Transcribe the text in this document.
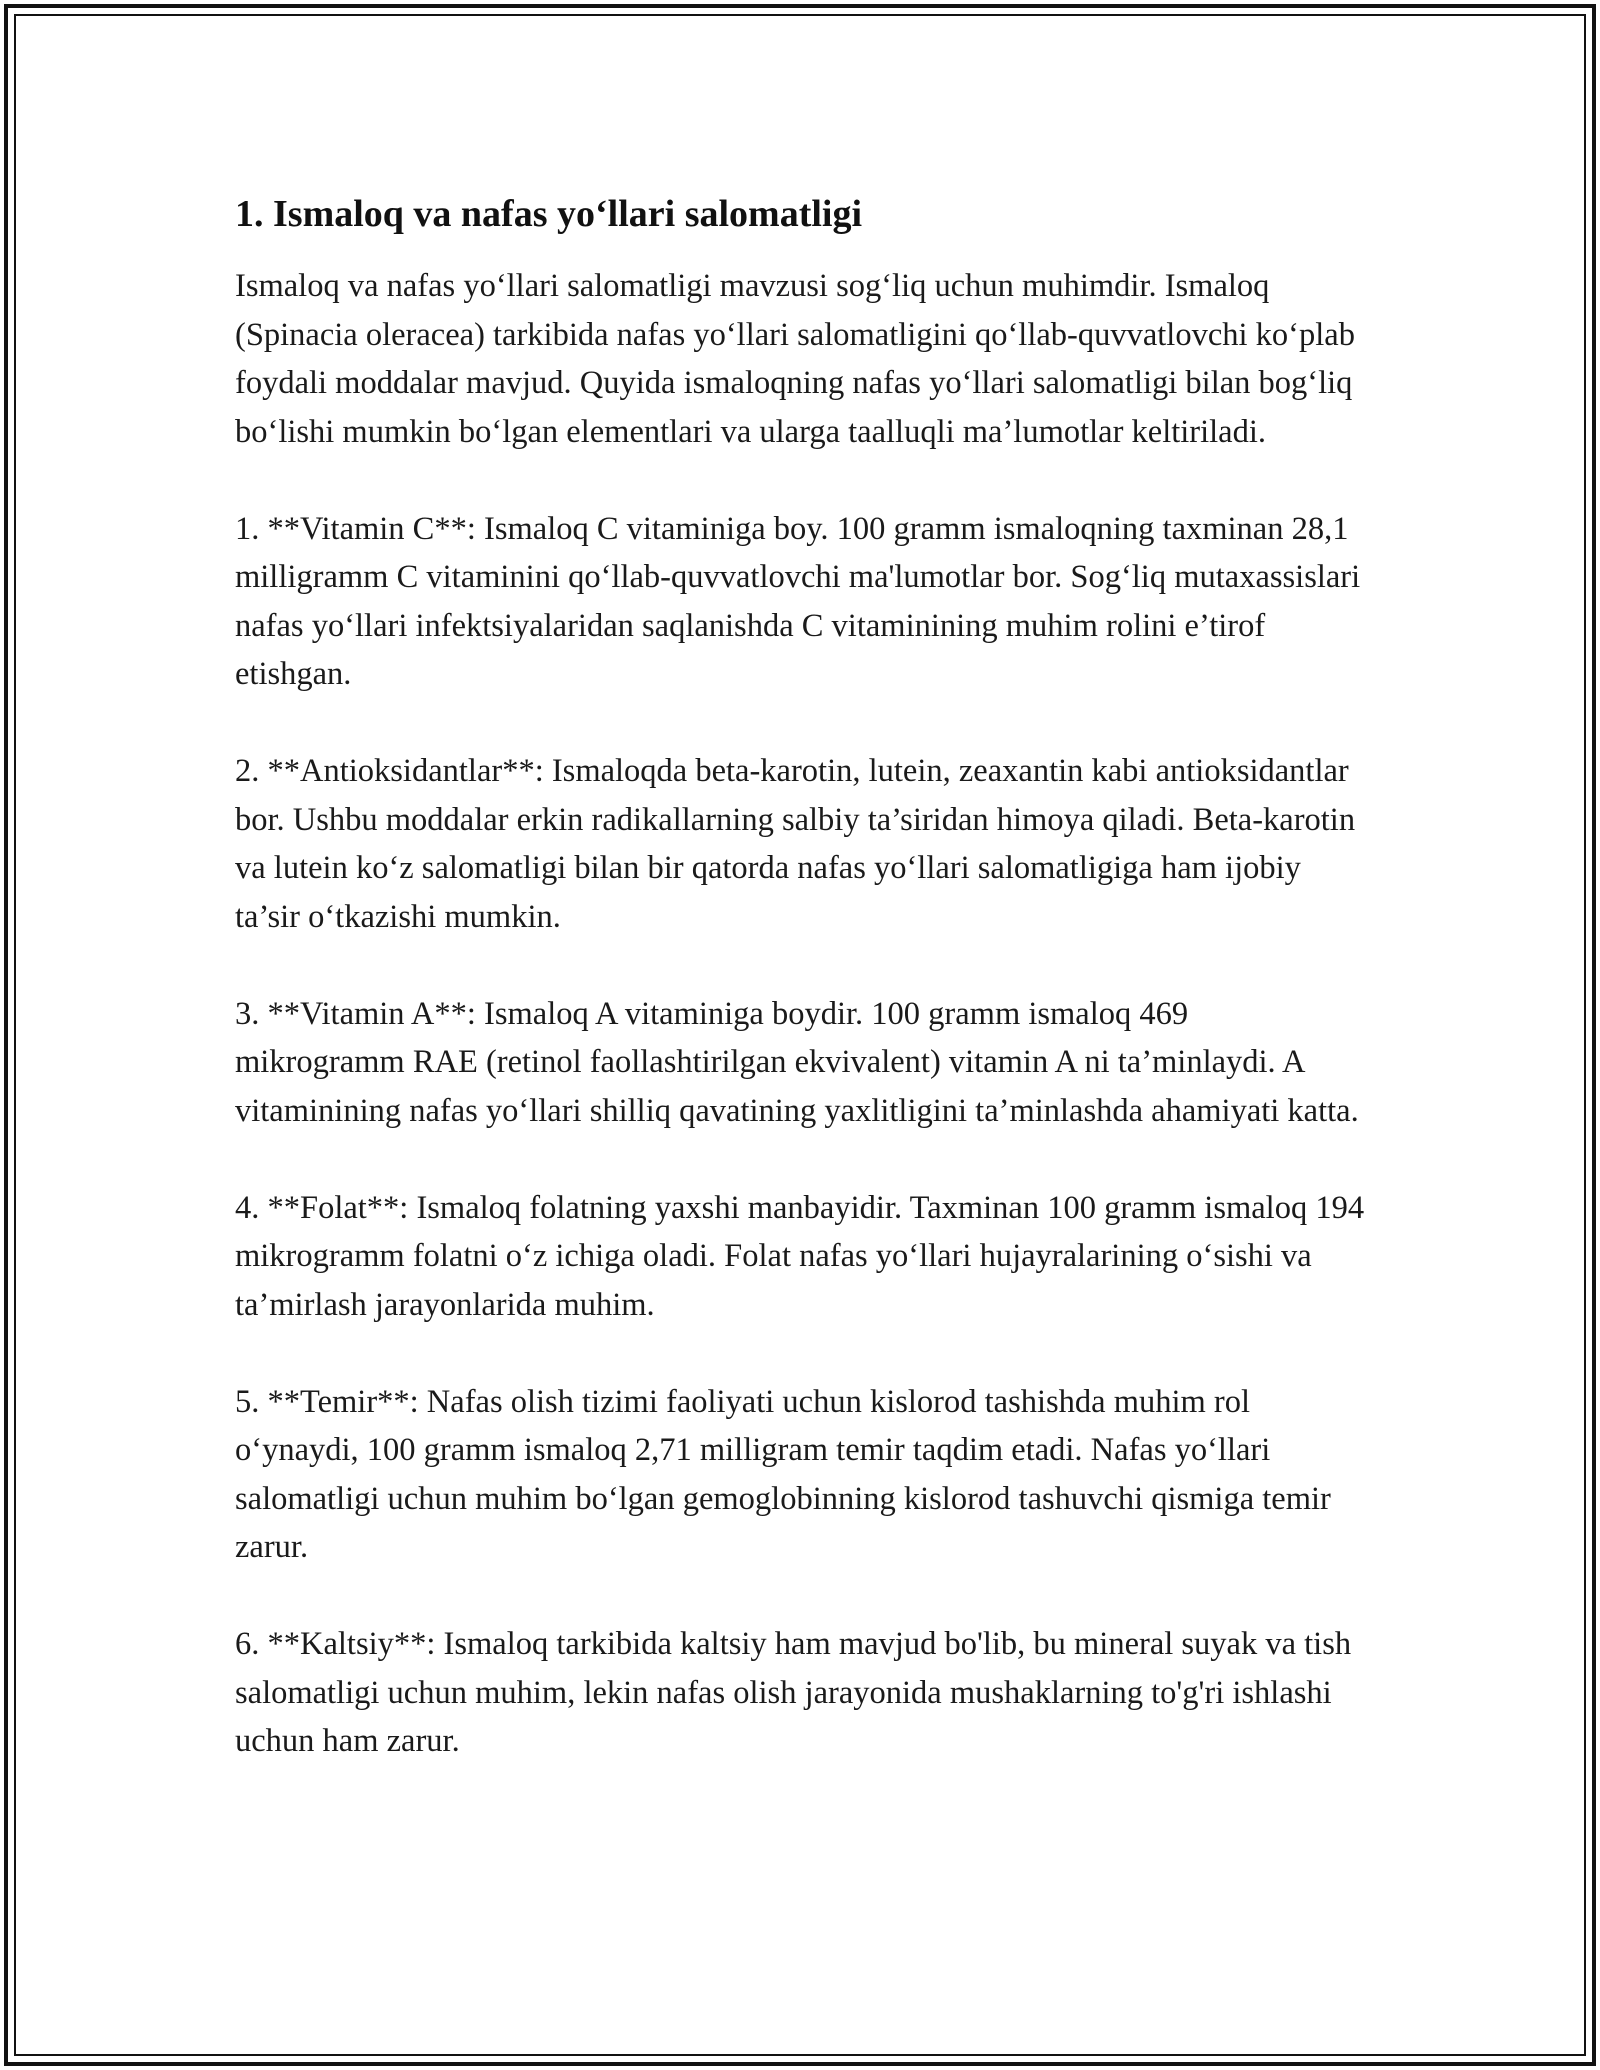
1. Ismaloq va nafas yo‘llari salomatligi

Ismaloq va nafas yo‘llari salomatligi mavzusi sog‘liq uchun muhimdir. Ismaloq (Spinacia oleracea) tarkibida nafas yo‘llari salomatligini qo‘llab-quvvatlovchi ko‘plab foydali moddalar mavjud. Quyida ismaloqning nafas yo‘llari salomatligi bilan bog‘liq bo‘lishi mumkin bo‘lgan elementlari va ularga taalluqli ma’lumotlar keltiriladi.

1. **Vitamin C**: Ismaloq C vitaminiga boy. 100 gramm ismaloqning taxminan 28,1 milligramm C vitaminini qo‘llab-quvvatlovchi ma'lumotlar bor. Sog‘liq mutaxassislari nafas yo‘llari infektsiyalaridan saqlanishda C vitaminining muhim rolini e’tirof etishgan.

2. **Antioksidantlar**: Ismaloqda beta-karotin, lutein, zeaxantin kabi antioksidantlar bor. Ushbu moddalar erkin radikallarning salbiy ta’siridan himoya qiladi. Beta-karotin va lutein ko‘z salomatligi bilan bir qatorda nafas yo‘llari salomatligiga ham ijobiy ta’sir o‘tkazishi mumkin.

3. **Vitamin A**: Ismaloq A vitaminiga boydir. 100 gramm ismaloq 469 mikrogramm RAE (retinol faollashtirilgan ekvivalent) vitamin A ni ta’minlaydi. A vitaminining nafas yo‘llari shilliq qavatining yaxlitligini ta’minlashda ahamiyati katta.

4. **Folat**: Ismaloq folatning yaxshi manbayidir. Taxminan 100 gramm ismaloq 194 mikrogramm folatni o‘z ichiga oladi. Folat nafas yo‘llari hujayralarining o‘sishi va ta’mirlash jarayonlarida muhim.

5. **Temir**: Nafas olish tizimi faoliyati uchun kislorod tashishda muhim rol o‘ynaydi, 100 gramm ismaloq 2,71 milligram temir taqdim etadi. Nafas yo‘llari salomatligi uchun muhim bo‘lgan gemoglobinning kislorod tashuvchi qismiga temir zarur.

6. **Kaltsiy**: Ismaloq tarkibida kaltsiy ham mavjud bo'lib, bu mineral suyak va tish salomatligi uchun muhim, lekin nafas olish jarayonida mushaklarning to'g'ri ishlashi uchun ham zarur.
